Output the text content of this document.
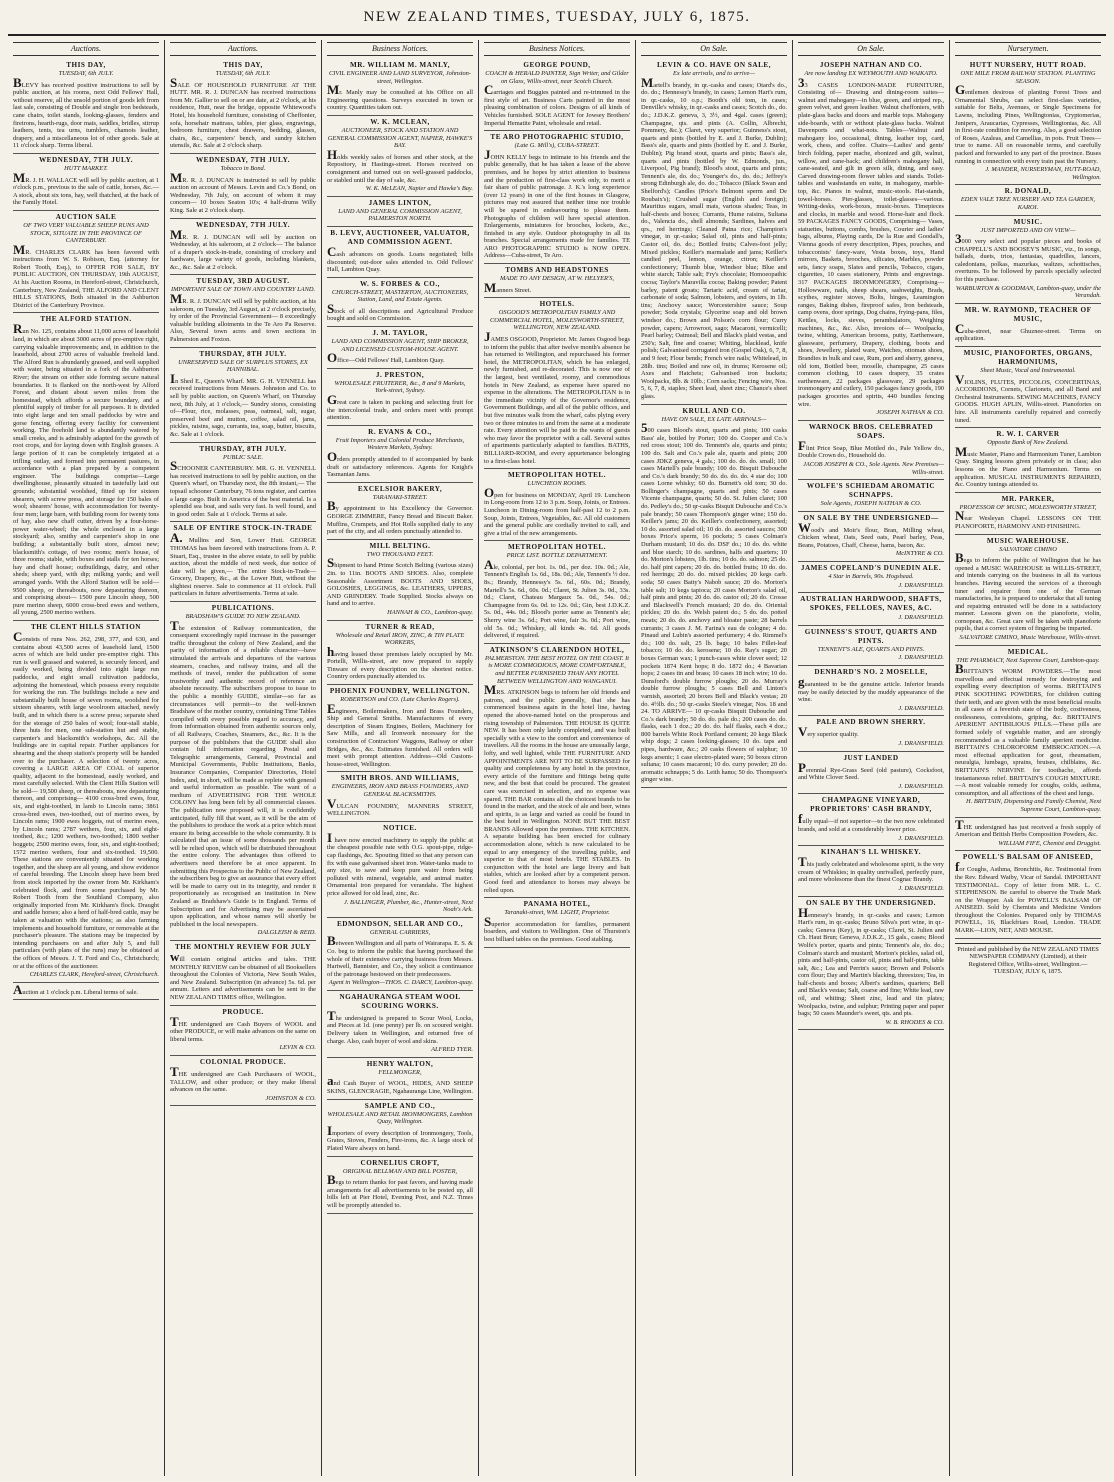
NEW ZEALAND TIMES, TUESDAY, JULY 6, 1875.
Auctions.
THIS DAY,
TUESDAY, 6th JULY.
BLEVY has received positive instructions to sell by public auction, at his rooms, next Odd Fellows' Hall, without reserve, all the unsold portion of goods left from last sale, consisting of Double and single iron bedsteads, cane chairs, toilet stands, looking-glasses, fenders and fireirons, hearth-rugs, door mats, saddles, bridles, stirrup leathers, tents, tea urns, tumblers, chamois leather, drapery, and a miscellaneous lot of other goods. Sale at 11 o'clock sharp. Terms liberal.
WEDNESDAY, 7TH JULY.
HUTT MARKET.
MR. J. H. WALLACE will sell by public auction, at 1 o'clock p.m., previous to the sale of cattle, horses, &c.— A stock, about six tons, hay, well thatched, at the back of the Family Hotel.
AUCTION SALE
OF TWO VERY VALUABLE SHEEP RUNS AND STOCK, SITUATE IN THE PROVINCE OF CANTERBURY.
MR. CHARLES CLARK has been favored with instructions from W. S. Robison, Esq. (attorney for Robert Tooth, Esq.), to OFFER FOR SALE, BY PUBLIC AUCTION, ON THURSDAY, 19th AUGUST, At his Auction Rooms, in Hereford-street, Christchurch, Canterbury, New Zealand, THE ALFORD AND CLENT HILLS STATIONS, Both situated in the Ashburton District of the Canterbury Province.
THE ALFORD STATION.
Run No. 125, contains about 11,000 acres of leasehold land, in which are about 3000 acres of pre-emptive right, carrying valuable improvements; and, in addition to the leasehold, about 2700 acres of valuable freehold land. The Alford Run is abundantly grassed, and well supplied with water, being situated in a fork of the Ashburton River; the stream on either side forming secure natural boundaries. It is flanked on the north-west by Alford Forest, and distant about seven miles from the homestead, which affords a secure boundary, and a plentiful supply of timber for all purposes. It is divided into eight large and ten small paddocks by wire and gorse fencing, offering every facility for convenient working. The freehold land is abundantly watered by small creeks, and is admirably adapted for the growth of root crops, and for laying down with English grasses. A large portion of it can be completely irrigated at a trifling outlay, and formed into permanent pastures, in accordance with a plan prepared by a competent engineer. The buildings comprise—Large dwellinghouse, pleasantly situated in tastefully laid out grounds; substantial woolshed, fitted up for sixteen shearers, with screw press, and storage for 150 bales of wool; shearers' house, with accommodation for twenty-four men; large barn, with building room for twenty tons of hay, also new chaff cutter, driven by a four-horse-power water-wheel; the whole enclosed in a large stockyard; also, smithy and carpenter's shop in one building; a substantially built store, almost new; blacksmith's cottage, of two rooms; men's house, of three rooms; stable, with boxes and stalls for ten horses; hay and chaff house; outbuildings, dairy, and other sheds; sheep yard, with dip; milking yards; and well arranged yards. With the Alford Station will be sold— 9500 sheep, or thereabouts, now depasturing thereon, and comprising about— 1500 pure Lincoln sheep, 500 pure merino sheep, 6000 cross-bred ewes and wethers, all young, 2500 merino wethers.
THE CLENT HILLS STATION
Consists of runs Nos. 262, 298, 377, and 630, and contains about 43,500 acres of leasehold land, 1500 acres of which are held under pre-emptive right. This run is well grassed and watered, is securely fenced, and easily worked, being divided into eight large run paddocks, and eight small cultivation paddocks, adjoining the homestead, which possess every requisite for working the run. The buildings include a new and substantially built house of seven rooms, woolshed for sixteen shearers, with large woolroom attached, newly built, and in which there is a screw press; separate shed for the storage of 250 bales of wool; four-stall stable, three huts for men, one sub-station hut and stable, carpenter's and blacksmith's workshops, &c. All the buildings are in capital repair. Further appliances for shearing and the sheep station's property will be handed over to the purchaser. A selection of twenty acres, covering a LARGE AREA OF COAL of superior quality, adjacent to the homestead, easily worked, and most carefully selected. With the Clent Hills Station will be sold— 19,500 sheep, or thereabouts, now depasturing thereon, and comprising— 4100 cross-bred ewes, four, six, and eight-toothed, in lamb to Lincoln rams; 3861 cross-bred ewes, two-toothed, out of merino ewes, by Lincoln rams; 1900 ewes hoggets, out of merino ewes, by Lincoln rams; 2787 wethers, four, six, and eight-toothed, &c.; 1200 wethers, two-toothed; 1800 wether hoggets; 2500 merino ewes, four, six, and eight-toothed; 1572 merino wethers, four and six-toothed. 19,500. These stations are conveniently situated for working together, and the sheep are all young, and show evidence of careful breeding. The Lincoln sheep have been bred from stock imported by the owner from Mr. Kirkham's celebrated flock, and from some purchased by Mr. Robert Tooth from the Southland Company, also originally imported from Mr. Kirkham's flock. Draught and saddle horses; also a herd of half-bred cattle, may be taken at valuation with the stations; as also farming implements and household furniture, or removable at the purchaser's pleasure. The stations may be inspected by intending purchasers on and after July 5, and full particulars (with plans of the runs) may be obtained at the offices of Messrs. J. T. Ford and Co., Christchurch; or at the offices of the auctioneer.
CHARLES CLARK, Hereford-street, Christchurch.
Auction at 1 o'clock p.m. Liberal terms of sale.
Auctions.
THIS DAY,
TUESDAY, 6th JULY.
SALE OF HOUSEHOLD FURNITURE AT THE HUTT. MR. R. J. DUNCAN has received instructions from Mr. Gallier to sell on or are date, at 2 o'clock, at his residence, Hutt, near the bridge, opposite Whitewood's Hotel, his household furniture, consisting of Cheffonier, sofa, horsehair mattrass, tables, pier glass, engravings, bedroom furniture, chest drawers, bedding, glasses, chairs, &c., carpenters' bench, and sundry kitchen utensils, &c. Sale at 2 o'clock sharp.
WEDNESDAY, 7TH JULY.
Tobacco in Bond.
MR. R. J. DUNCAN is instructed to sell by public auction on account of Messrs. Levin and Co.'s Bond, on Wednesday, 7th July, on account of whom it may concern— 10 boxes Seaton 10's; 4 half-drums Willy King. Sale at 2 o'clock sharp.
WEDNESDAY, 7TH JULY.
MR. R. J. DUNCAN will sell by auction on Wednesday, at his saleroom, at 2 o'clock— The balance of a draper's stock-in-trade, consisting of crockery and hardware, large variety of goods, including blankets, &c., &c. Sale at 2 o'clock.
TUESDAY, 3RD AUGUST.
IMPORTANT SALE OF TOWN AND COUNTRY LAND.
MR. R. J. DUNCAN will sell by public auction, at his saleroom, on Tuesday, 3rd August, at 2 o'clock precisely, by order of the Provincial Government— 8 exceedingly valuable building allotments in the Te Aro Pa Reserve. Also, Several town acres and town sections in Palmerston and Foxton.
THURSDAY, 8TH JULY.
UNRESERVED SALE OF SURPLUS STORES, EX HANNIBAL.
In Shed E., Queen's Wharf. MR. G. H. VENNELL has received instructions from Messrs. Johnston and Co. to sell by public auction, on Queen's Wharf, on Thursday next, 8th July, at 1 o'clock,— Sundry stores, consisting of—Flour, rice, molasses, peas, oatmeal, salt, sugar, preserved beef and mutton, coffee, salad oil, jams, pickles, raisins, sago, currants, tea, soap, butter, biscuits, &c. Sale at 1 o'clock.
THURSDAY, 8TH JULY.
PUBLIC SALE.
SCHOONER CANTERBURY. MR. G. H. VENNELL has received instructions to sell by public auction, on the Queen's wharf, on Thursday next, the 8th instant,— The topsail schooner Canterbury, 76 tons register, and carries a large cargo. Built in America of the best material. Is a splendid sea boat, and sails very fast. Is well found, and in good order. Sale at 1 o'clock. Terms at sale.
SALE OF ENTIRE STOCK-IN-TRADE
A. Mullins and Son, Lower Hutt. GEORGE THOMAS has been favored with instructions from A. P. Stuart, Esq., trustee in the above estate, to sell by public auction, about the middle of next week, due notice of date will be given,— The entire Stock-in-Trade—Grocery, Drapery, &c., at the Lower Hutt, without the slightest reserve. Sale to commence at 11 o'clock. Full particulars in future advertisements. Terms at sale.
PUBLICATIONS.
BRADSHAW'S GUIDE TO NEW ZEALAND.
The extension of Railway communication, the consequent exceedingly rapid increase in the passenger traffic throughout the colony of New Zealand, and the parity of information of a reliable character—have stimulated the arrivals and departures of the various steamers, coaches, and railway trains, and all the methods of travel, render the publication of some trustworthy and authentic record of reference an absolute necessity. The subscribers propose to issue to the public a monthly GUIDE, similar—so far as circumstances will permit—to the well-known Bradshaw of the mother country, containing Time Tables compiled with every possible regard to accuracy, and from information obtained from authentic sources only, of all Railways, Coaches, Steamers, &c., &c. It is the purpose of the publishers that the GUIDE shall also contain full information regarding Postal and Telegraphic arrangements, General, Provincial and Municipal Governments, Public Institutions, Banks, Insurance Companies, Companies' Directories, Hotel Index, and, in short, will be made as replete with general and useful information as possible. The want of a medium of ADVERTISING FOR THE WHOLE COLONY has long been felt by all commercial classes. The publication now proposed will, it is confidently anticipated, fully fill that want, as it will be the aim of the publishers to produce the work at a price which must ensure its being accessible to the whole community. It is calculated that an issue of some thousands per month will be relied upon, which will be distributed throughout the entire colony. The advantages thus offered to advertisers need therefore be at once apparent. In submitting this Prospectus to the Public of New Zealand, the subscribers beg to give an assurance that every effort will be made to carry out in its integrity, and render it proportionately as recognised an institution in New Zealand as Bradshaw's Guide is in England. Terms of Subscription and for Advertising may be ascertained upon application, and whose names will shortly be published in the local newspapers.
DALGLEISH & REID.
THE MONTHLY REVIEW FOR JULY
will contain original articles and tales. THE MONTHLY REVIEW can be obtained of all Booksellers throughout the Colonies of Victoria, New South Wales, and New Zealand. Subscription (in advance) 5s. 6d. per annum. Letters and advertisements can be sent to the NEW ZEALAND TIMES office, Wellington.
PRODUCE.
THE undersigned are Cash Buyers of WOOL and other PRODUCE, or will make advances on the same on liberal terms.
LEVIN & CO.
COLONIAL PRODUCE.
THE undersigned are Cash Purchasers of WOOL, TALLOW, and other produce; or they make liberal advances on the same.
JOHNSTON & CO.
Business Notices.
MR. WILLIAM M. MANLY,
CIVIL ENGINEER AND LAND SURVEYOR, Johnston-street, Wellington.
Mr. Manly may be consulted at his Office on all Engineering questions. Surveys executed in town or country. Quantities taken out.
W. K. MCLEAN,
AUCTIONEER, STOCK AND STATION AND GENERAL COMMISSION AGENT, NAPIER, HAWKE'S BAY.
Holds weekly sales of horses and other stock, at the Repository, in Hastings-street. Horses received on consignment and turned out on well-grassed paddocks, or stabled until the day of sale, &c.
W. K. McLEAN, Napier and Hawke's Bay.
JAMES LINTON,
LAND AND GENERAL COMMISSION AGENT, PALMERSTON NORTH.
B. LEVY, AUCTIONEER, VALUATOR, AND COMMISSION AGENT.
Cash advances on goods. Loans negotiated; bills discounted; out-door sales attended to. Odd Fellows' Hall, Lambton Quay.
W. S. FORBES & CO.,
CHURCH-STREET, MASTERTON, AUCTIONEERS, Station, Land, and Estate Agents.
Stock of all descriptions and Agricultural Produce bought and sold on Commission.
J. M. TAYLOR,
LAND AND COMMISSION AGENT, SHIP BROKER, AND LICENSED CUSTOM-HOUSE AGENT.
Office—Odd Fellows' Hall, Lambton Quay.
J. PRESTON,
WHOLESALE FRUITERER, &c., 8 and 9 Markets, York-street, Sydney.
Great care is taken in packing and selecting fruit for the intercolonial trade, and orders meet with prompt attention.
R. EVANS & CO.,
Fruit Importers and Colonial Produce Merchants, Western Markets, Sydney.
Orders promptly attended to if accompanied by bank draft or satisfactory references. Agents for Knight's Tasmanian Jams.
EXCELSIOR BAKERY,
TARANAKI-STREET.
By appointment to his Excellency the Governor. GEORGE ZIMMERE, Fancy Bread and Biscuit Baker. Muffins, Crumpets, and Hot Rolls supplied daily to any part of the city, and all orders punctually attended to.
MILL BELTING.
TWO THOUSAND FEET.
Shipment to hand Prime Scotch Belting (various sizes) 2in. to 11in. BOOTS AND SHOES. Also, complete Seasonable Assortment BOOTS AND SHOES, GOLOSHES, LEGGINGS, &c. LEATHERS, UPPERS, AND GRINDERY. Trade Supplied. Stocks always on hand and to arrive.
HANNAH & CO., Lambton-quay.
TURNER & READ,
Wholesale and Retail IRON, ZINC, & TIN PLATE WORKERS,
having leased those premises lately occupied by Mr. Portelli, Willis-street, are now prepared to supply Tinware of every description on the shortest notice. Country orders punctually attended to.
PHOENIX FOUNDRY, WELLINGTON.
ROBERTSON and CO. (Late Charles Rogers).
Engineers, Boilermakers, Iron and Brass Founders, Ship and General Smiths. Manufacturers of every description of Steam Engines, Boilers, Machinery for Saw Mills, and all Ironwork necessary for the construction of Contractors' Waggons, Railway or other Bridges, &c., &c. Estimates furnished. All orders will meet with prompt attention. Address—Old Custom-house-street, Wellington.
SMITH BROS. AND WILLIAMS,
ENGINEERS, IRON AND BRASS FOUNDERS, AND GENERAL BLACKSMITHS.
VULCAN FOUNDRY, MANNERS STREET, WELLINGTON.
NOTICE.
I have now erected machinery to supply the public at the cheapest possible rate with O.G. spout-pipe, ridge-cap flashings, &c. Spouting fitted so that any person can fix with ease galvanised sheet iron. Water-tanks made to any size, to save and keep pure water from being polluted with mineral, vegetable, and animal matter. Ornamental iron prepared for verandahs. The highest price allowed for old lead, zinc, &c.
J. BALLINGER, Plumber, &c., Hunter-street, Next Noah's Ark.
EDMONDSON, SELLAR AND CO.,
GENERAL CARRIERS,
Between Wellington and all parts of Wairarapa. E. S. & Co. beg to inform the public that having purchased the whole of their extensive carrying business from Messrs. Hartwell, Bannister, and Co., they solicit a continuance of the patronage bestowed on their predecessors.
Agent in Wellington—THOS. C. DARCY, Lambton-quay.
NGAHAURANGA STEAM WOOL SCOURING WORKS.
The undersigned is prepared to Scour Wool, Locks, and Pieces at 1d. (one penny) per lb. on scoured weight. Delivery taken in Wellington, and returned free of charge. Also, cash buyer of wool and skins.
ALFRED TYER.
HENRY WALTON,
FELLMONGER,
and Cash Buyer of WOOL, HIDES, AND SHEEP SKINS, GLENCRAGIE, Ngahauranga Line, Wellington.
SAMPLE AND CO.,
WHOLESALE AND RETAIL IRONMONGERS, Lambton Quay, Wellington.
Importers of every description of Ironmongery, Tools, Grates, Stoves, Fenders, Fire-irons, &c. A large stock of Plated Ware always on hand.
CORNELIUS CROFT,
ORIGINAL BELLMAN AND BILL POSTER,
Begs to return thanks for past favors, and having made arrangements for all advertisements to be posted up, all bills left at Pier Hotel, Evening Post, and N.Z. Times will be promptly attended to.
Business Notices.
GEORGE POUND,
COACH & HERALD PAINTER, Sign Writer, and Gilder on Glass, Willis-street, near Scotch Church.
Carriages and Buggies painted and re-trimmed in the first style of art. Business Carts painted in the most pleasing combination of colors. Designs of all kinds of Vehicles furnished. SOLE AGENT for Jowsey Brothers' Imperial Hematite Paint, wholesale and retail.
TE ARO PHOTOGRAPHIC STUDIO,
(Late G. Mill's), CUBA-STREET.
JOHN KELLY begs to intimate to his friends and the public generally, that he has taken a lease of the above premises, and he hopes by strict attention to business and the production of first-class work only, to merit a fair share of public patronage. J. K.'s long experience (over 12 years) in one of the first houses in Glasgow, pictures may rest assured that neither time nor trouble will be spared in endeavouring to please them. Photographs of children will have special attention. Enlargements, miniatures for brooches, lockets, &c., finished in any style. Outdoor photography in all its branches. Special arrangements made for families. TE ARO PHOTOGRAPHIC STUDIO is NOW OPEN. Address—Cuba-street, Te Aro.
TOMBS AND HEADSTONES
MADE TO ANY DESIGN, AT W. HELYER'S,
Manners Street.
HOTELS.
OSGOOD'S METROPOLITAN FAMILY AND COMMERCIAL HOTEL, MOLESWORTH-STREET, WELLINGTON, NEW ZEALAND.
JAMES OSGOOD, Proprietor. Mr. James Osgood begs to inform the public that after twelve month's absence he has returned to Wellington, and repurchased his former hotel, the METROPOLITAN, which he has enlarged, newly furnished, and re-decorated. This is now one of the largest, best ventilated, roomy, and commodious hotels in New Zealand, as expense have spared no expense in the alterations. The METROPOLITAN is in the immediate vicinity of the Governor's residence, Government Buildings, and all of the public offices, and but five minutes walk from the wharf, cabs plying every two or three minutes to and from the same at a moderate rate. Every attention will be paid to the wants of guests who may favor the proprietor with a call. Several suites of apartments particularly adapted to families. BATHS, BILLIARD-ROOM, and every appurtenance belonging to a first-class hotel.
METROPOLITAN HOTEL.
LUNCHEON ROOMS.
Open for business on MONDAY, April 19. Luncheon in Long-room from 12 to 3 p.m. Soup, Joints, or Entrees. Luncheon in Dining-room from half-past 12 to 2 p.m. Soup, Joints, Entrees, Vegetables, &c. All old customers and the general public are cordially invited to call, and give a trial of the new arrangements.
METROPOLITAN HOTEL.
PRICE LIST. BOTTLE DEPARTMENT.
Ale, colonial, per bot. 1s. 0d., per doz. 10s. 0d.; Ale, Tennent's English 1s. 6d., 18s. 0d.; Ale, Tennent's ½ doz. 8s.; Brandy, Hennessy's 5s. 6d., 60s. 0d.; Brandy, Martell's 5s. 6d., 60s. 0d.; Claret, St. Julien 3s. 0d., 33s. 0d.; Claret, Chateau Margaux 5s. 0d., 54s. 0d.; Champagne from 6s. 0d. to 12s. 0d.; Gin, best J.D.K.Z. 5s. 0d., 44s. 0d.; Blood's porter same as Tennent's ale; Sherry wine 3s. 6d.; Port wine, fair 3s. 0d.; Port wine, old 5s. 0d.; Whiskey, all kinds 4s. 6d. All goods delivered, if required.
ATKINSON'S CLARENDON HOTEL,
PALMERSTON. THE BEST HOTEL ON THE COAST. It is MORE COMMODIOUS, MORE COMFORTABLE, and BETTER FURNISHED THAN ANY HOTEL BETWEEN WELLINGTON AND WANGANUI.
MRS. ATKINSON begs to inform her old friends and patrons, and the public generally, that she has commenced business again in the hotel line, having opened the above-named hotel on the prosperous and rising township of Palmerston. THE HOUSE IS QUITE NEW. It has been only lately completed, and was built specially with a view to the comfort and convenience of travellers. All the rooms in the house are unusually large, lofty, and well lighted, while THE FURNITURE AND APPOINTMENTS ARE NOT TO BE SURPASSED for quality and completeness by any hotel in the province, every article of the furniture and fittings being quite new, and the best that could be procured. The greatest care was exercised in selection, and no expense was spared. THE BAR contains all the choicest brands to be found in the market, and the stock of ale and beer, wines and spirits, is as large and varied as could be found in the best hotel in Wellington. NONE BUT THE BEST BRANDS Allowed upon the premises. THE KITCHEN. A separate building has been erected for culinary accommodation alone, which is now calculated to be equal to any emergency of the travelling public, and superior to that of most hotels. THE STABLES. In conjunction with the hotel are large livery and bait stables, which are looked after by a competent person. Good feed and attendance to horses may always be relied upon.
PANAMA HOTEL,
Taranaki-street, WM. LIGHT, Proprietor.
Superior accommodation for families, permanent boarders, and visitors to Wellington. One of Thurston's best billiard tables on the premises. Good stabling.
On Sale.
LEVIN & CO. HAVE ON SALE,
Ex late arrivals, and to arrive—
Martell's brandy, in qr.-casks and cases; Otard's do., do. do.; Hennessy's brandy, in cases; Lemon Hart's rum, in qr.-casks, 10 o.p.; Booth's old tom, in cases; Denville's whisky, in qr.-casks and cases; Scotch do., do. do.; J.D.K.Z. geneva, 3, 3½, and 4gal. cases (green); Champagne, qts. and pints (A. Collin, Albrecht, Pommery, &c.); Claret, very superior; Guinness's stout, quarts and pints (bottled by E. and J. Burke, Dublin); Bass's ale, quarts and pints (bottled by E. and J. Burke, Dublin); Pig brand stout, quarts and pints; Bass's ale, quarts and pints (bottled by W. Edmonds, jun., Liverpool, Pig brand); Blood's stout, quarts and pints; Tennent's ale, do. do.; Younger's do., do. do.; Jeffrey's strong Edinburgh ale, do. do.; Tobacco (Black Swan and Shelford's); Candles (Price's Belmont sperm and De Roubaix's); Crushed sugar (English and foreign); Mauritius sugars, small mats, various shades; Teas, in half-chests and boxes; Currants, Hume raisins, Sultana do., Valencia do., shell almonds; Sardines, halves and qrs., red herrings; Cleaned Patna rice; Champion's vinegar, in qr.-casks; Salad oil, pints and half-pints; Castor oil, do. do.; Bottled fruits; Calves-foot jelly; Mixed pickles; Keiller's marmalade and jams; Keiller's candied peel, lemon, orange, citron; Keiller's confectionery; Thumb blue, Windsor blue; Blue and white starch; Table salt; Fry's chocolate; Homoeopathic cocoa; Taylor's Maravilla cocoa; Baking powder; Patent barley, patent groats; Tartaric acid, cream of tartar, carbonate of soda; Salmon, lobsters, and oysters, in 1lb. tins; Anchovy sauce; Worcestershire sauce; Soup powder; Soda crystals; Glycerine soap and old brown windsor do.; Brown and Polson's corn flour; Curry powder, capers; Arrowroot, sago; Macaroni, vermicelli; Pearl barley; Oatmeal; Bell and Black's plaid vestas, and 250's; Salt, fine and coarse; Whiting, blacklead, knife polish; Galvanised corrugated iron (Gospel Oak), 6, 7, 8, and 9 feet; Flour bends; French wire nails; Whitelead, in 28lb. tins; Boiled and raw oil, in drums; Kerosene oil; Axes and Hatchets; Galvanised iron buckets; Woolpacks, 8lb. & 10lb.; Corn sacks; Fencing wire, Nos. 5, 6, 7, 8, staples; Sheet lead, sheet zinc; Chance's sheet glass.
KRULL AND CO.
HAVE ON SALE, EX LATE ARRIVALS—
500 cases Blood's stout, quarts and pints; 100 casks Bass' ale, bottled by Porter; 100 do. Cooper and Co.'s red cross stout; 100 do. Tennent's ale, quarts and pints; 100 do. Salt and Co.'s pale ale, quarts and pints; 200 cases JDKZ geneva, 4 gals.; 100 do. do. do. small; 100 cases Martell's pale brandy; 100 do. Bisquit Dubouche and Co.'s dark brandy; 50 do. do. do. do. 4 star do; 100 cases Lorne whisky; 60 do. Burnett's old tom; 30 do. Bollinger's champagne, quarts and pints; 50 cases Vicente champagne, quarts; 50 do. St. Julien claret; 100 do. Pedley's do.; 50 qr-casks Bisquit Dubouche and Co.'s pale brandy; 50 cases Thompson's ginger wine; 150 do. Keiller's jams; 20 do. Keiller's confectionery, assorted; 10 do. assorted salad oil; 10 do. do. assorted sauces; 300 boxes Price's sperm, 16 pockets; 5 cases Colman's Durham mustard; 10 do. do. DSF do.; 10 do. do. white and blue starch; 10 do. sardines, halfs and quarters; 10 do. Morton's lobsters, 1lb. tins; 10 do. do. salmon; 25 do. do. half pint capers; 20 do. do. bottled fruits; 10 do. do. red herrings; 20 do. do. mixed pickles; 20 kegs carb. soda; 50 cases Batty's Nabob sauce; 20 do. Morton's table salt; 10 kegs tapioca; 20 cases Morton's salad oil, half pints and pints; 20 do. do. castor oil; 20 do. Crosse and Blackwell's French mustard; 20 do. do. Oriental pickles; 20 do. do. Welsh patent do.; 5 do. do. potted meats; 20 do. do. anchovy and bloater paste; 28 barrels currants; 3 cases J. M. Farina's eau de cologne; 4 do. Pinaud and Lubin's assorted perfumery; 4 do. Rimmel's do.; 100 do. salt, 25 lb. bags; 10 bales Fillet-leaf tobacco; 10 do. do. kerosene; 10 do. Ray's sugar; 20 boxes German wax; 1 punch-cases white clover seed; 12 pockets 1874 Kent hops; 8 do. 1872 do.; 4 Bavarian hops; 2 cases tin and brass; 10 cases 18 inch wire; 10 do. Dunsford's double furrow ploughs; 20 do. Murray's double furrow ploughs; 5 cases Bell and Linton's varnish, assorted; 20 boxes Bell and Black's vestas; 20 do. 4½lb. do.; 50 qr.-casks Steele's vinegar, Nos. 18 and 24. TO ARRIVE— 10 qr-casks Bisquit Dubouche and Co.'s dark brandy; 50 do. do. pale do.; 200 cases do. do. flasks, each 1 doz.; 20 do. do. half flasks, each 4 doz.; 800 barrels White Rock Portland cement; 20 kegs Black whip dogs; 2 cases looking-glasses; 10 do. taps and pipes, hardware, &c.; 20 casks flowers of sulphur; 10 kegs arsenic; 1 case electro-plated ware; 50 boxes citron sultana; 10 cases macaroni; 10 do. curry powder; 20 do. aromatic schnapps; 5 do. Leith hams; 50 do. Thompson's ginger wine.
On Sale.
JOSEPH NATHAN AND CO.
Are now landing EX WEYMOUTH AND WAIKATO.
33 CASES LONDON-MADE FURNITURE, Consisting of— Drawing and dining-room suites—walnut and mahogany—in blue, green, and striped rep., green velvet, and green leather. Walnut cheffoniers, with plate-glass backs and doors and marble tops. Mahogany side-boards, with or without plate-glass backs. Walnut Davenports and what-nots. Tables—Walnut and mahogany loo, occasional, dining, leather top, card, work, chess, and coffee. Chairs—Ladies' and gents' birch folding, paper mache, ebonized and gilt, walnut, willow, and cane-back; and children's mahogany hall, cane-seated, and gilt in green silk, dining, and easy. Carved drawing-room flower tables and stands. Toilet-tables and washstands en suite, in mahogany, marble-top, &c. Pianos in walnut, music-stools. Hat-stands, towel-horses. Pier-glasses, toilet-glasses—various. Writing-desks, work-boxes, music-boxes. Timepieces and clocks, in marble and wood. Horse-hair and flock. 59 PACKAGES FANCY GOODS, Comprising— Vases, statuettes, buttons, combs, brushes, Courier and ladies' bags, albums, Playing cards, De la Rue and Goodall's, Vienna goods of every description, Pipes, pouches, and tobacconists' fancy-ware, Vesta boxes, toys, Hand mirrors, Baskets, brooches, silicates, Marbles, powder sets, fancy soaps, Slates and pencils, Tobacco, cigars, cigarettes, 10 cases stationery, Prints and engravings. 317 PACKAGES IRONMONGERY, Comprising— Hollowware, nails, sheep shears, sashweights, Brads, scythes, register stoves, Bolts, hinges, Leamington ranges, Baking dishes, fireproof safes, Iron bedsteads, camp ovens, door springs, Dog chains, frying-pans, files, Kettles, locks, sieves, perambulators, Weighing machines, &c., &c. Also, invoices of— Woolpacks, twine, whiting, American brooms, putty, Earthenware, glassware, perfumery, Drapery, clothing, boots and shoes, Jewellery, plated ware, Watches, ottoman shoes, Brandies in bulk and case, Rum, port and sherry, geneva, old tom, Bottled beer, moselle, champagne, 25 cases common clothing, 10 cases drapery, 35 crates earthenware, 22 packages glassware, 29 packages ironmongery and cutlery, 150 packages fancy goods, 190 packages groceries and spirits, 440 bundles fencing wire.
JOSEPH NATHAN & CO.
WARNOCK BROS. CELEBRATED SOAPS.
Flint Price Soap, Blue Mottled do., Pale Yellow do., Double Crown do., Household do.
JACOB JOSEPH & CO., Sole Agents. New Premises—Willis-street.
WOLFE'S SCHIEDAM AROMATIC SCHNAPPS.
Sole Agents, JOSEPH NATHAN & CO.
ON SALE BY THE UNDERSIGNED—
Wood's and Moir's flour, Bran, Milling wheat, Chicken wheat, Oats, Seed oats, Pearl barley, Peas, Beans, Potatoes, Chaff, Cheese, hams, bacon, &c.
McINTYRE & CO.
JAMES COPELAND'S DUNEDIN ALE.
4 Star in Barrels, 90s. Hogshead.
J. DRANSFIELD.
AUSTRALIAN HARDWOOD, SHAFTS, SPOKES, FELLOES, NAVES, &C.
J. DRANSFIELD.
GUINNESS'S STOUT, QUARTS AND PINTS.
TENNENT'S ALE, QUARTS AND PINTS.
J. DRANSFIELD.
DENHARD'S NO. 2 MOSELLE,
guaranteed to be the genuine article. Inferior brands may be easily detected by the muddy appearance of the wine.
J. DRANSFIELD.
PALE AND BROWN SHERRY.
Very superior quality.
J. DRANSFIELD.
JUST LANDED
Perennial Rye-Grass Seed (old pasture), Cocksfoot, and White Clover Seed.
J. DRANSFIELD.
CHAMPAGNE VINEYARD, PROPRIETORS' CASH BRANDY,
fully equal—if not superior—to the two now celebrated brands, and sold at a considerably lower price.
J. DRANSFIELD.
KINAHAN'S LL WHISKEY.
This justly celebrated and wholesome spirit, is the very cream of Whiskies; in quality unrivalled, perfectly pure, and more wholesome than the finest Cognac Brandy.
J. DRANSFIELD.
ON SALE BY THE UNDERSIGNED.
Hennessy's brandy, in qr.-casks and cases; Lemon Hart's rum, in qr.-casks; Bruno Silva's port wine, in qr.-casks; Geneva (Key), in qr-casks; Claret, St. Julien and Ch. Haut Brun; Geneva, J.D.K.Z., 15 gals., cases; Blood Wolfe's porter, quarts and pints; Tennent's ale, do. do.; Colman's starch and mustard; Morton's pickles, salad oil, pints and half-pints, castor oil, pints and half-pints, table salt, &c.; Lea and Perrin's sauce; Brown and Polson's corn flour; Day and Martin's blacking, threesizes; Tea, in half-chests and boxes; Albert's sardines, quarters; Bell and Black's vestas; Salt, coarse and fine; White lead, raw oil, and whiting; Sheet zinc, lead and tin plates; Woolpacks, twine, and sulphur; Printing paper and paper bags; 50 cases Maunder's sweet, qts. and pts.
W. B. RHODES & CO.
Nurserymen.
HUTT NURSERY, HUTT ROAD.
ONE MILE FROM RAILWAY STATION. PLANTING SEASON.
Gentlemen desirous of planting Forest Trees and Ornamental Shrubs, can select first-class varieties, suitable for Belts, Avenues, or Single Specimens for Lawns, including Pines, Wellingtonias, Cryptomerias, Junipers, Araucarias, Cypresses, Wellingtonias, &c. All in first-rate condition for moving. Also, a good selection of Roses, Azaleas, and Camellias, in pots. Fruit Trees—true to name. All on reasonable terms, and carefully packed and forwarded to any part of the province. Buses running in connection with every train past the Nursery.
J. MANDER, NURSERYMAN, HUTT-ROAD, Wellington.
R. DONALD,
EDEN VALE TREE NURSERY AND TEA GARDEN, KAROI.
MUSIC.
JUST IMPORTED AND ON VIEW—
3000 very select and popular pieces and books of CHAPPELL'S AND BOOSEY'S MUSIC, viz., In songs, ballads, duets, trios, fantasias, quadrilles, lancers, caledonians, polkas, mazurkas, waltzes, schottisches, overtures. To be followed by parcels specially selected for this purchase.
WARBURTON & GOODMAN, Lambton-quay, under the Verandah.
MR. W. RAYMOND, TEACHER OF MUSIC,
Cuba-street, near Ghuznee-street. Terms on application.
MUSIC, PIANOFORTES, ORGANS, HARMONIUMS,
Sheet Music, Vocal and Instrumental.
VIOLINS, FLUTES, PICCOLOS, CONCERTINAS, ACCORDIONS, Cornets, Clarionets, and all Band and Orchestral Instruments. SEWING MACHINES, FANCY GOODS. HUGH APLIN, Willis-street. Pianofortes on hire. All instruments carefully repaired and correctly tuned.
R. W. I. CARVER
Opposite Bank of New Zealand.
Music Master, Piano and Harmonium Tuner, Lambton Quay. Singing lessons given privately or in class; also lessons on the Piano and Harmonium. Terms on application. MUSICAL INSTRUMENTS REPAIRED, &c. Country tunings attended to.
MR. PARKER,
PROFESSOR OF MUSIC, MOLESWORTH STREET,
Near Wesleyan Chapel. LESSONS ON THE PIANOFORTE, HARMONY AND FINISHING.
MUSIC WAREHOUSE.
SALVATORE CIMINO
Begs to inform the public of Wellington that he has opened a MUSIC WAREHOUSE in WILLIS-STREET, and intends carrying on the business in all its various branches. Having secured the services of a thorough tuner and repairer from one of the German manufactories, he is prepared to undertake that all tuning and repairing entrusted will be done in a satisfactory manner. Lessons given on the pianoforte, violin, cornopean, &c. Great care will be taken with pianoforte pupils, that a correct system of fingering be imparted.
SALVATORE CIMINO, Music Warehouse, Willis-street.
MEDICAL.
THE PHARMACY, Next Supreme Court, Lambton-quay.
BRITTAIN'S WORM POWDERS.—The most marvellous and effectual remedy for destroying and expelling every description of worms. BRITTAIN'S PINK SOOTHING POWDERS, for children cutting their teeth, and are given with the most beneficial results in all cases of a feverish state of the body, costiveness, restlessness, convulsions, griping, &c. BRITTAIN'S APERIENT ANTIBILIOUS PILLS.—These pills are formed solely of vegetable matter, and are strongly recommended as a valuable family aperient medicine. BRITTAIN'S CHLOROFORM EMBROCATION.—A most effectual application for gout, rheumatism, neuralgia, lumbago, sprains, bruises, chilblains, &c. BRITTAIN'S NERVINE for toothache, affords instantaneous relief. BRITTAIN'S COUGH MIXTURE.—A most valuable remedy for coughs, colds, asthma, consumption, and all affections of the chest and lungs.
H. BRITTAIN, Dispensing and Family Chemist, Next Supreme Court, Lambton-quay.
THE undersigned has just received a fresh supply of American and British Herbs Composition Powders, &c.
WILLIAM FIFE, Chemist and Druggist.
POWELL'S BALSAM OF ANISEED,
for Coughs, Asthma, Bronchitis, &c. Testimonial from the Rev. Edward Waiby, Vicar of Sandal. IMPORTANT TESTIMONIAL. Copy of letter from MR. L. C. STEPHENSON. Be careful to observe the Trade Mark on the Wrapper. Ask for POWELL'S BALSAM OF ANISEED. Sold by Chemists and Medicine Vendors throughout the Colonies. Prepared only by THOMAS POWELL, 16, Blackfriars Road, London. TRADE MARK—LION, NET, AND MOUSE.
Printed and published by the NEW ZEALAND TIMES NEWSPAPER COMPANY (Limited), at their Registered Office, Willis-street, Wellington.—TUESDAY, JULY 6, 1875.
